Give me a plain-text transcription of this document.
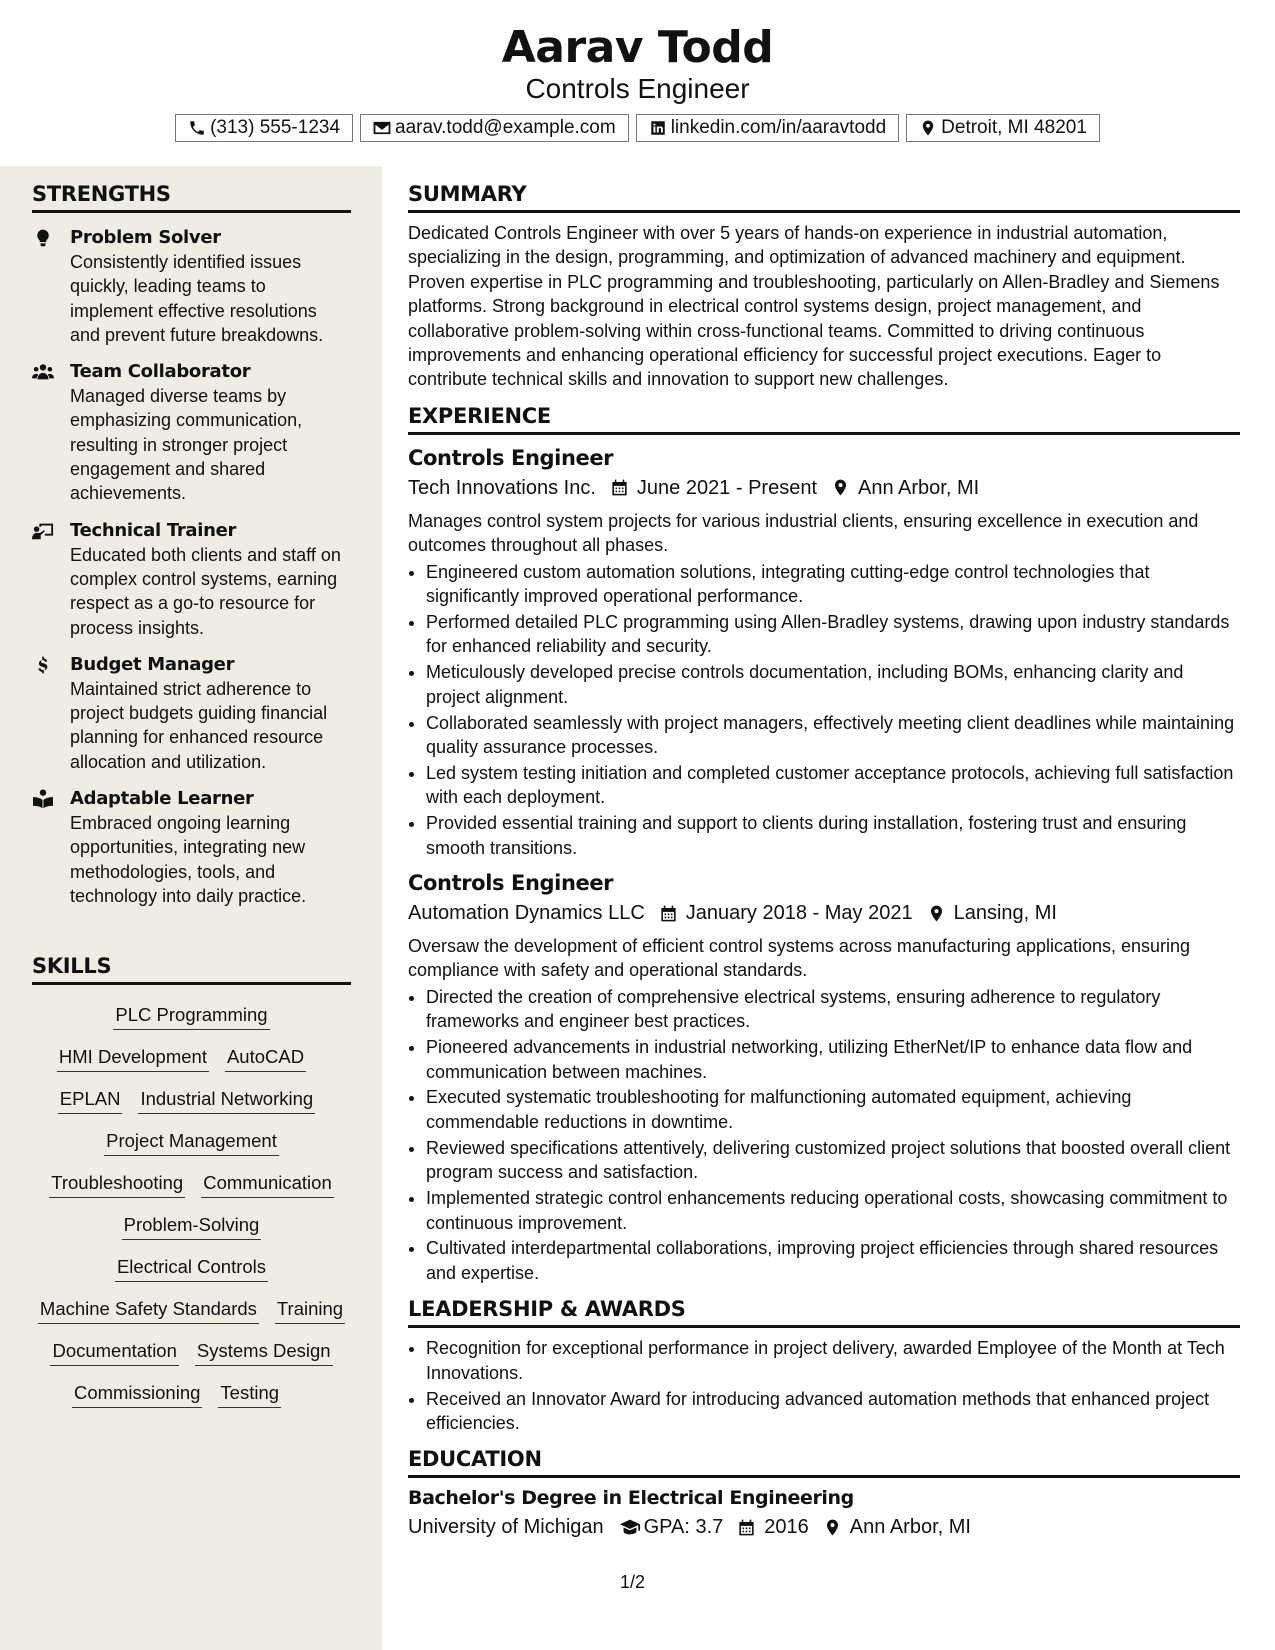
Aarav Todd
Controls Engineer
(313) 555-1234	aarav.todd@example.com	linkedin.com/in/aaravtodd	Detroit, MI 48201
STRENGTHS
Problem Solver
Consistently identified issues quickly, leading teams to implement effective resolutions and prevent future breakdowns.
Team Collaborator
Managed diverse teams by emphasizing communication, resulting in stronger project engagement and shared achievements.
Technical Trainer
Educated both clients and staff on complex control systems, earning respect as a go-to resource for process insights.
Budget Manager
Maintained strict adherence to project budgets guiding financial planning for enhanced resource allocation and utilization.
Adaptable Learner
Embraced ongoing learning opportunities, integrating new methodologies, tools, and technology into daily practice.
SKILLS
PLC Programming
HMI Development AutoCAD
EPLAN Industrial Networking
Project Management
Troubleshooting Communication
Problem-Solving
Electrical Controls
Machine Safety Standards Training
Documentation Systems Design
Commissioning Testing
SUMMARY
Dedicated Controls Engineer with over 5 years of hands-on experience in industrial automation, specializing in the design, programming, and optimization of advanced machinery and equipment. Proven expertise in PLC programming and troubleshooting, particularly on Allen-Bradley and Siemens platforms. Strong background in electrical control systems design, project management, and collaborative problem-solving within cross-functional teams. Committed to driving continuous improvements and enhancing operational efficiency for successful project executions. Eager to contribute technical skills and innovation to support new challenges.
EXPERIENCE
Controls Engineer
Tech Innovations Inc. June 2021 - Present Ann Arbor, MI
Manages control system projects for various industrial clients, ensuring excellence in execution and outcomes throughout all phases.
• Engineered custom automation solutions, integrating cutting-edge control technologies that significantly improved operational performance.
• Performed detailed PLC programming using Allen-Bradley systems, drawing upon industry standards for enhanced reliability and security.
• Meticulously developed precise controls documentation, including BOMs, enhancing clarity and project alignment.
• Collaborated seamlessly with project managers, effectively meeting client deadlines while maintaining quality assurance processes.
• Led system testing initiation and completed customer acceptance protocols, achieving full satisfaction with each deployment.
• Provided essential training and support to clients during installation, fostering trust and ensuring smooth transitions.
Controls Engineer
Automation Dynamics LLC January 2018 - May 2021 Lansing, MI
Oversaw the development of efficient control systems across manufacturing applications, ensuring compliance with safety and operational standards.
• Directed the creation of comprehensive electrical systems, ensuring adherence to regulatory frameworks and engineer best practices.
• Pioneered advancements in industrial networking, utilizing EtherNet/IP to enhance data flow and communication between machines.
• Executed systematic troubleshooting for malfunctioning automated equipment, achieving commendable reductions in downtime.
• Reviewed specifications attentively, delivering customized project solutions that boosted overall client program success and satisfaction.
• Implemented strategic control enhancements reducing operational costs, showcasing commitment to continuous improvement.
• Cultivated interdepartmental collaborations, improving project efficiencies through shared resources and expertise.
LEADERSHIP & AWARDS
• Recognition for exceptional performance in project delivery, awarded Employee of the Month at Tech Innovations.
• Received an Innovator Award for introducing advanced automation methods that enhanced project efficiencies.
EDUCATION
Bachelor's Degree in Electrical Engineering
University of Michigan GPA: 3.7 2016 Ann Arbor, MI
1/2
